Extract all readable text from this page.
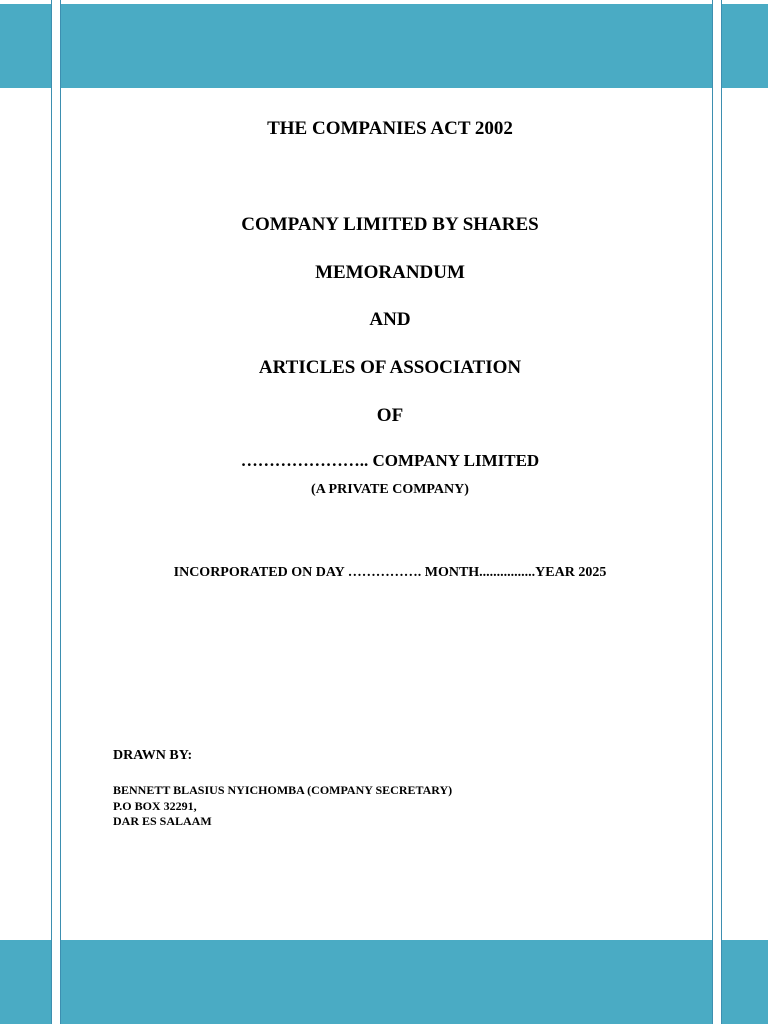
THE COMPANIES ACT 2002
COMPANY LIMITED BY SHARES
MEMORANDUM
AND
ARTICLES OF ASSOCIATION
OF
………………….. COMPANY LIMITED
(A PRIVATE COMPANY)
INCORPORATED ON DAY ……………. MONTH................YEAR 2025
DRAWN BY:
BENNETT BLASIUS NYICHOMBA (COMPANY SECRETARY)
P.O BOX 32291,
DAR ES SALAAM
